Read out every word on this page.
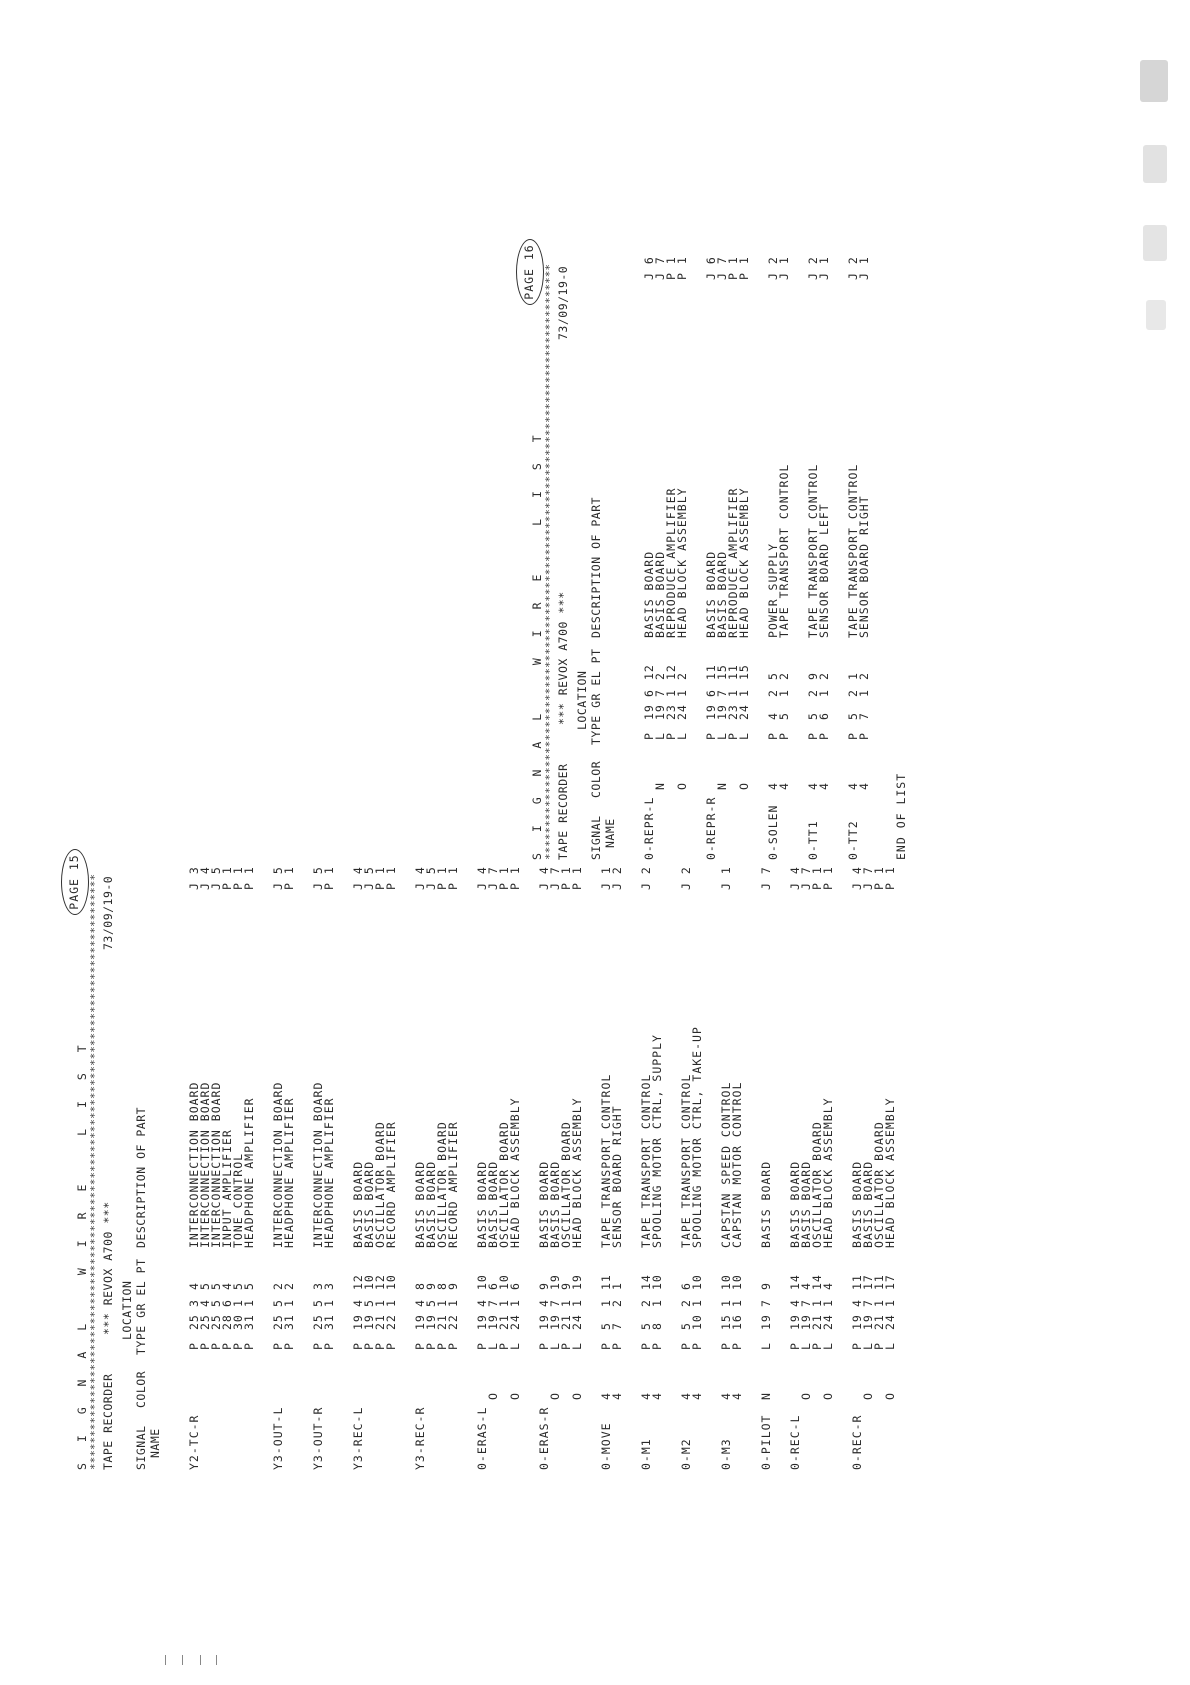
S I G N A L   W I R E   L I S T ****************************************************************************************** TAPE RECORDER
*** REVOX A700 ***
73/09/19-0
PAGE 15
LOCATION
SIGNAL
COLOR
TYPE GR EL PT
DESCRIPTION OF PART
NAME Y2-TC-R
P
25
3
4
INTERCONNECTION BOARD
J 3
P
25
4
5
INTERCONNECTION BOARD
J 4
P
25
5
5
INTERCONNECTION BOARD
J 5
P
28
6
4
INPUT AMPLIFIER
P 1
P
30
1
5
TONE CONTROL
P 1
P
31
1
5
HEADPHONE AMPLIFIER
P 1
Y3-OUT-L
P
25
5
2
INTERCONNECTION BOARD
J 5
P
31
1
2
HEADPHONE AMPLIFIER
P 1
Y3-OUT-R
P
25
5
3
INTERCONNECTION BOARD
J 5
P
31
1
3
HEADPHONE AMPLIFIER
P 1
Y3-REC-L
P
19
4
12
BASIS BOARD
J 4
P
19
5
10
BASIS BOARD
J 5
P
21
1
12
OSCILLATOR BOARD
P 1
P
22
1
10
RECORD AMPLIFIER
P 1
Y3-REC-R
P
19
4
8
BASIS BOARD
J 4
P
19
5
9
BASIS BOARD
J 5
P
21
1
8
OSCILLATOR BOARD
P 1
P
22
1
9
RECORD AMPLIFIER
P 1
0-ERAS-L
P
19
4
10
BASIS BOARD
J 4
O
L
19
7
6
BASIS BOARD
J 7
P
21
1
10
OSCILLATOR BOARD
P 1
O
L
24
1
6
HEAD BLOCK ASSEMBLY
P 1
0-ERAS-R
P
19
4
9
BASIS BOARD
J 4
O
L
19
7
19
BASIS BOARD
J 7
P
21
1
9
OSCILLATOR BOARD
P 1
O
L
24
1
19
HEAD BLOCK ASSEMBLY
P 1
0-MOVE
4
P
5
1
11
TAPE TRANSPORT CONTROL
J 1
4
P
7
2
1
SENSOR BOARD RIGHT
J 2
0-M1
4
P
5
2
14
TAPE TRANSPORT CONTROL
J 2
4
P
8
1
10
SPOOLING MOTOR CTRL, SUPPLY
0-M2
4
P
5
2
6
TAPE TRANSPORT CONTROL
J 2
4
P
10
1
10
SPOOLING MOTOR CTRL, TAKE-UP
0-M3
4
P
15
1
10
CAPSTAN SPEED CONTROL
J 1
4
P
16
1
10
CAPSTAN MOTOR CONTROL
0-PILOT
N
L
19
7
9
BASIS BOARD
J 7
0-REC-L
P
19
4
14
BASIS BOARD
J 4
O
L
19
7
4
BASIS BOARD
J 7
P
21
1
14
OSCILLATOR BOARD
P 1
O
L
24
1
4
HEAD BLOCK ASSEMBLY
P 1
0-REC-R
P
19
4
11
BASIS BOARD
J 4
O
L
19
7
17
BASIS BOARD
J 7
P
21
1
11
OSCILLATOR BOARD
P 1
O
L
24
1
17
HEAD BLOCK ASSEMBLY
P 1
S I G N A L   W I R E   L I S T ****************************************************************************************** TAPE RECORDER
*** REVOX A700 ***
73/09/19-0
PAGE 16
LOCATION
SIGNAL
COLOR
TYPE GR EL PT
DESCRIPTION OF PART
NAME 0-REPR-L
P
19
6
12
BASIS BOARD
J 6
N
L
19
7
2
BASIS BOARD
J 7
P
23
1
12
REPRODUCE AMPLIFIER
P 1
O
L
24
1
2
HEAD BLOCK ASSEMBLY
P 1
0-REPR-R
P
19
6
11
BASIS BOARD
J 6
N
L
19
7
15
BASIS BOARD
J 7
P
23
1
11
REPRODUCE AMPLIFIER
P 1
O
L
24
1
15
HEAD BLOCK ASSEMBLY
P 1
0-SOLEN
4
P
4
2
5
POWER SUPPLY
J 2
4
P
5
1
2
TAPE TRANSPORT CONTROL
J 1
0-TT1
4
P
5
2
9
TAPE TRANSPORT CONTROL
J 2
4
P
6
1
2
SENSOR BOARD LEFT
J 1
0-TT2
4
P
5
2
1
TAPE TRANSPORT CONTROL
J 2
4
P
7
1
2
SENSOR BOARD RIGHT
J 1
END OF LIST
